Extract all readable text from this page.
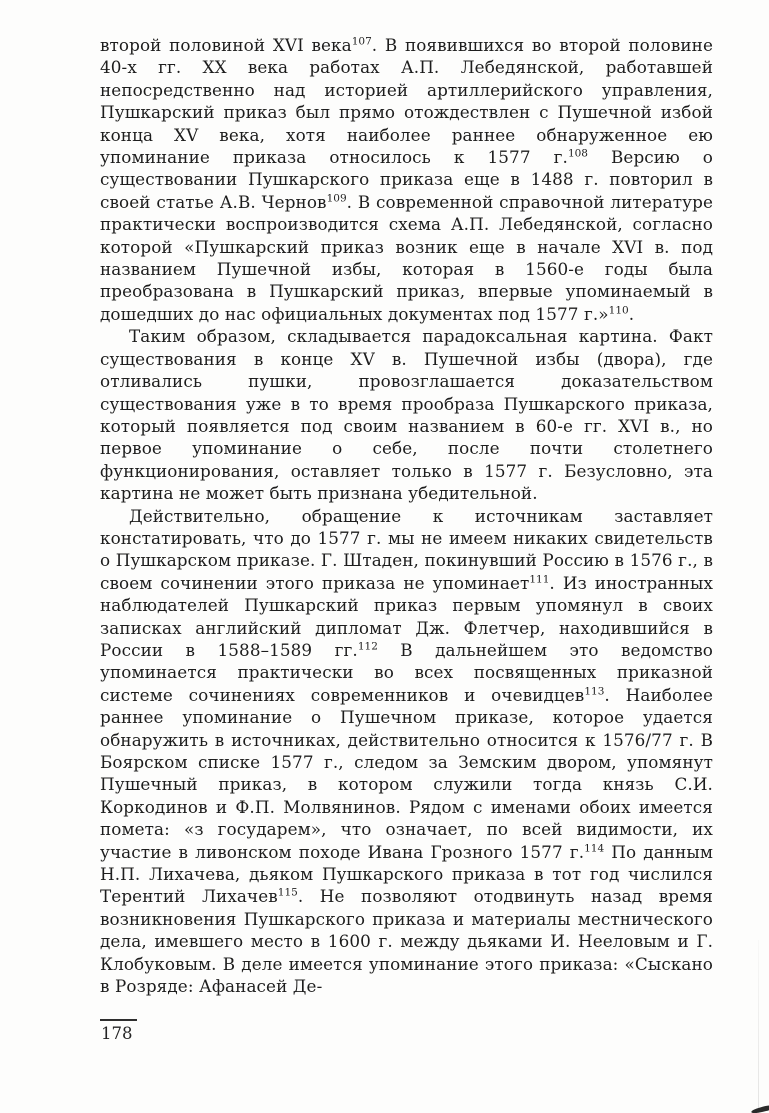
второй половиной XVI века$^{107}$. В появившихся во второй половине 40-х гг. XX века работах А.П. Лебедянской, работавшей непосредственно над историей артиллерийского управления, Пушкарский приказ был прямо отождествлен с Пушечной избой конца XV века, хотя наиболее раннее обнаруженное ею упоминание приказа относилось к 1577 г.$^{108}$ Версию о существовании Пушкарского приказа еще в 1488 г. повторил в своей статье А.В. Чернов$^{109}$. В современной справочной литературе практически воспроизводится схема А.П. Лебедянской, согласно которой «Пушкарский приказ возник еще в начале XVI в. под названием Пушечной избы, которая в 1560-е годы была преобразована в Пушкарский приказ, впервые упоминаемый в дошедших до нас официальных документах под 1577 г.»$^{110}$.

Таким образом, складывается парадоксальная картина. Факт существования в конце XV в. Пушечной избы (двора), где отливались пушки, провозглашается доказательством существования уже в то время прообраза Пушкарского приказа, который появляется под своим названием в 60-е гг. XVI в., но первое упоминание о себе, после почти столетнего функционирования, оставляет только в 1577 г. Безусловно, эта картина не может быть признана убедительной.

Действительно, обращение к источникам заставляет констатировать, что до 1577 г. мы не имеем никаких свидетельств о Пушкарском приказе. Г. Штаден, покинувший Россию в 1576 г., в своем сочинении этого приказа не упоминает$^{111}$. Из иностранных наблюдателей Пушкарский приказ первым упомянул в своих записках английский дипломат Дж. Флетчер, находившийся в России в 1588–1589 гг.$^{112}$ В дальнейшем это ведомство упоминается практически во всех посвященных приказной системе сочинениях современников и очевидцев$^{113}$. Наиболее раннее упоминание о Пушечном приказе, которое удается обнаружить в источниках, действительно относится к 1576/77 г. В Боярском списке 1577 г., следом за Земским двором, упомянут Пушечный приказ, в котором служили тогда князь С.И. Коркодинов и Ф.П. Молвянинов. Рядом с именами обоих имеется помета: «з государем», что означает, по всей видимости, их участие в ливонском походе Ивана Грозного 1577 г.$^{114}$ По данным Н.П. Лихачева, дьяком Пушкарского приказа в тот год числился Терентий Лихачев$^{115}$. Не позволяют отодвинуть назад время возникновения Пушкарского приказа и материалы местнического дела, имевшего место в 1600 г. между дьяками И. Нееловым и Г. Клобуковым. В деле имеется упоминание этого приказа: «Сыскано в Розряде: Афанасей Де-

178
